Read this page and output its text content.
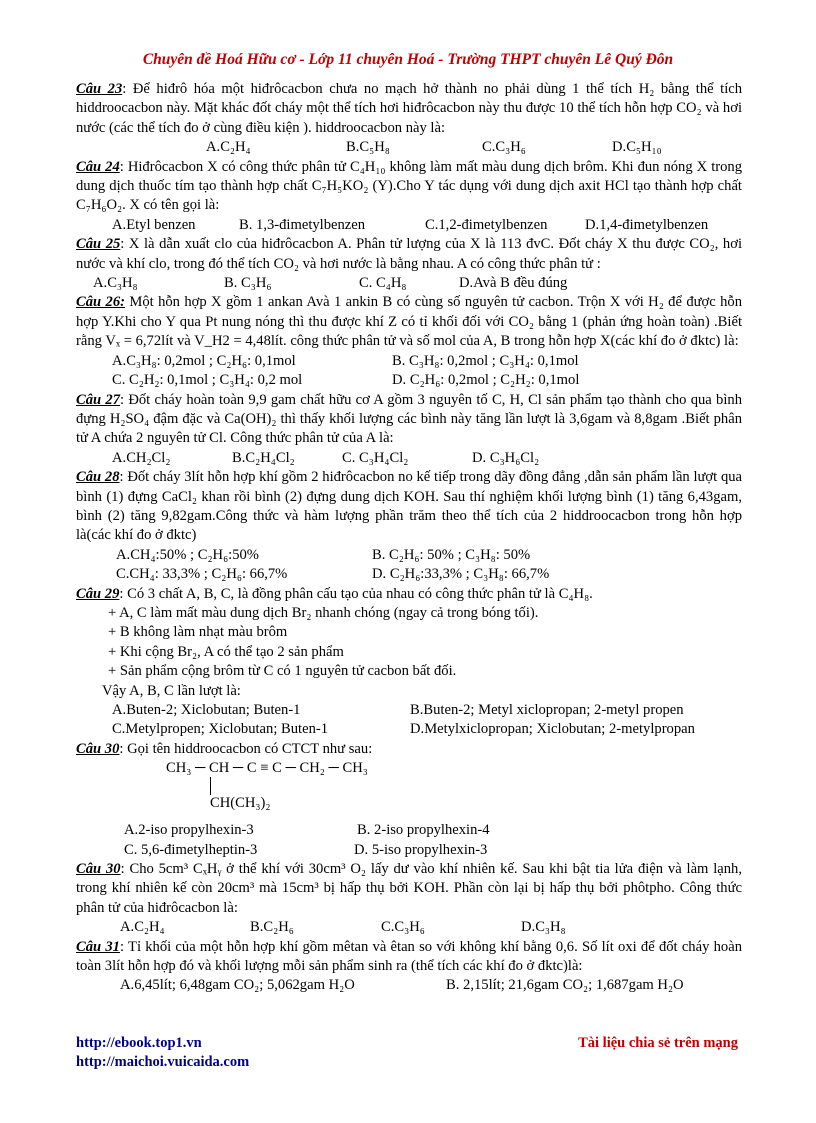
Chuyên đề Hoá Hữu cơ - Lớp 11 chuyên Hoá - Trường THPT chuyên Lê Quý Đôn

Câu 23: Để hiđrô hóa một hiđrôcacbon chưa no mạch hở thành no phải dùng 1 thể tích H₂ bằng thể tích hiddroocacbon này. Mặt khác đốt cháy một thể tích hơi hiđrôcacbon này thu được 10 thể tích hỗn hợp CO₂ và hơi nước (các thể tích đo ở cùng điều kiện ). hiddroocacbon này là:

A.C₂H₄	B.C₅H₈	C.C₃H₆	D.C₅H₁₀

Câu 24: Hiđrôcacbon X có công thức phân tử C₄H₁₀ không làm mất màu dung dịch brôm. Khi đun nóng X trong dung dịch thuốc tím tạo thành hợp chất C₇H₅KO₂ (Y).Cho Y tác dụng với dung dịch axit HCl tạo thành hợp chất C₇H₆O₂. X có tên gọi là:

A.Etyl benzen	B. 1,3-đimetylbenzen	C.1,2-đimetylbenzen	D.1,4-đimetylbenzen

Câu 25: X là dẫn xuất clo của hiđrôcacbon A. Phân tử lượng của X là 113 đvC. Đốt cháy X thu được CO₂, hơi nước và khí clo, trong đó thể tích CO₂ và hơi nước là bằng nhau. A có công thức phân tử :

A.C₃H₈	B. C₃H₆	C. C₄H₈	D.Avà B đều đúng

Câu 26: Một hỗn hợp X gồm 1 ankan Avà 1 ankin B có cùng số nguyên tử cacbon. Trộn X với H₂ để được hỗn hợp Y.Khi cho Y qua Pt nung nóng thì thu được khí Z có tỉ khối đối với CO₂ bằng 1 (phản ứng hoàn toàn) .Biết rằng Vₓ = 6,72lít và V_H2 = 4,48lít. công thức phân tử và số mol của A, B trong hỗn hợp X(các khí đo ở đktc) là:

A.C₃H₈: 0,2mol ; C₂H₆: 0,1mol	B. C₃H₈: 0,2mol ; C₃H₄: 0,1mol
C. C₂H₂: 0,1mol ; C₃H₄: 0,2 mol	D. C₂H₆: 0,2mol ; C₂H₂: 0,1mol

Câu 27: Đốt cháy hoàn toàn 9,9 gam chất hữu cơ A gồm 3 nguyên tố C, H, Cl sản phẩm tạo thành cho qua bình đựng H₂SO₄ đậm đặc và Ca(OH)₂ thì thấy khối lượng các bình này tăng lần lượt là 3,6gam và 8,8gam .Biết phân tử A chứa 2 nguyên tử Cl. Công thức phân tử của A là:

A.CH₂Cl₂	B.C₂H₄Cl₂	C. C₃H₄Cl₂	D. C₃H₆Cl₂

Câu 28: Đốt cháy 3lít hỗn hợp khí gồm 2 hiđrôcacbon no kế tiếp trong dãy đồng đẳng ,dẫn sản phẩm lần lượt qua bình (1) đựng CaCl₂ khan rồi bình (2) đựng dung dịch KOH. Sau thí nghiệm khối lượng bình (1) tăng 6,43gam, bình (2) tăng 9,82gam.Công thức và hàm lượng phần trăm theo thể tích của 2 hiddroocacbon trong hỗn hợp là(các khí đo ở đktc)

A.CH₄:50% ; C₂H₆:50%	B. C₂H₆: 50% ; C₃H₈: 50%
C.CH₄: 33,3% ; C₂H₆: 66,7%	D. C₂H₆:33,3% ; C₃H₈: 66,7%

Câu 29: Có 3 chất A, B, C, là đồng phân cấu tạo của nhau có công thức phân tử là C₄H₈.

+ A, C làm mất màu dung dịch Br₂ nhanh chóng (ngay cả trong bóng tối).

+ B không làm nhạt màu brôm

+ Khi cộng Br₂, A có thể tạo 2 sản phẩm

+ Sản phẩm cộng brôm từ C có 1 nguyên tử cacbon bất đối.

Vậy A, B, C lần lượt là:

A.Buten-2; Xiclobutan; Buten-1	B.Buten-2; Metyl xiclopropan; 2-metyl propen
C.Metylpropen; Xiclobutan; Buten-1	D.Metylxiclopropan; Xiclobutan; 2-metylpropan

Câu 30: Gọi tên hiddroocacbon có CTCT như sau:

CH₃ ─ CH ─ C ≡ C ─ CH₂ ─ CH₃
CH(CH₃)₂
A.2-iso propylhexin-3	B. 2-iso propylhexin-4
C. 5,6-đimetylheptin-3	D. 5-iso propylhexin-3

Câu 30: Cho 5cm³ CₓHᵧ ở thể khí với 30cm³ O₂ lấy dư vào khí nhiên kế. Sau khi bật tia lửa điện và làm lạnh, trong khí nhiên kế còn 20cm³ mà 15cm³ bị hấp thụ bởi KOH. Phần còn lại bị hấp thụ bởi phôtpho. Công thức phân tử của hiđrôcacbon là:

A.C₂H₄	B.C₂H₆	C.C₃H₆	D.C₃H₈

Câu 31: Tỉ khối của một hỗn hợp khí gồm mêtan và êtan so với không khí bằng 0,6. Số lít oxi để đốt cháy hoàn toàn 3lít hỗn hợp đó và khối lượng mỗi sản phẩm sinh ra (thể tích các khí đo ở đktc)là:

A.6,45lít; 6,48gam CO₂; 5,062gam H₂O	B. 2,15lít; 21,6gam CO₂; 1,687gam H₂O
http://ebook.top1.vn
http://maichoi.vuicaida.com
Tài liệu chia sẻ trên mạng
